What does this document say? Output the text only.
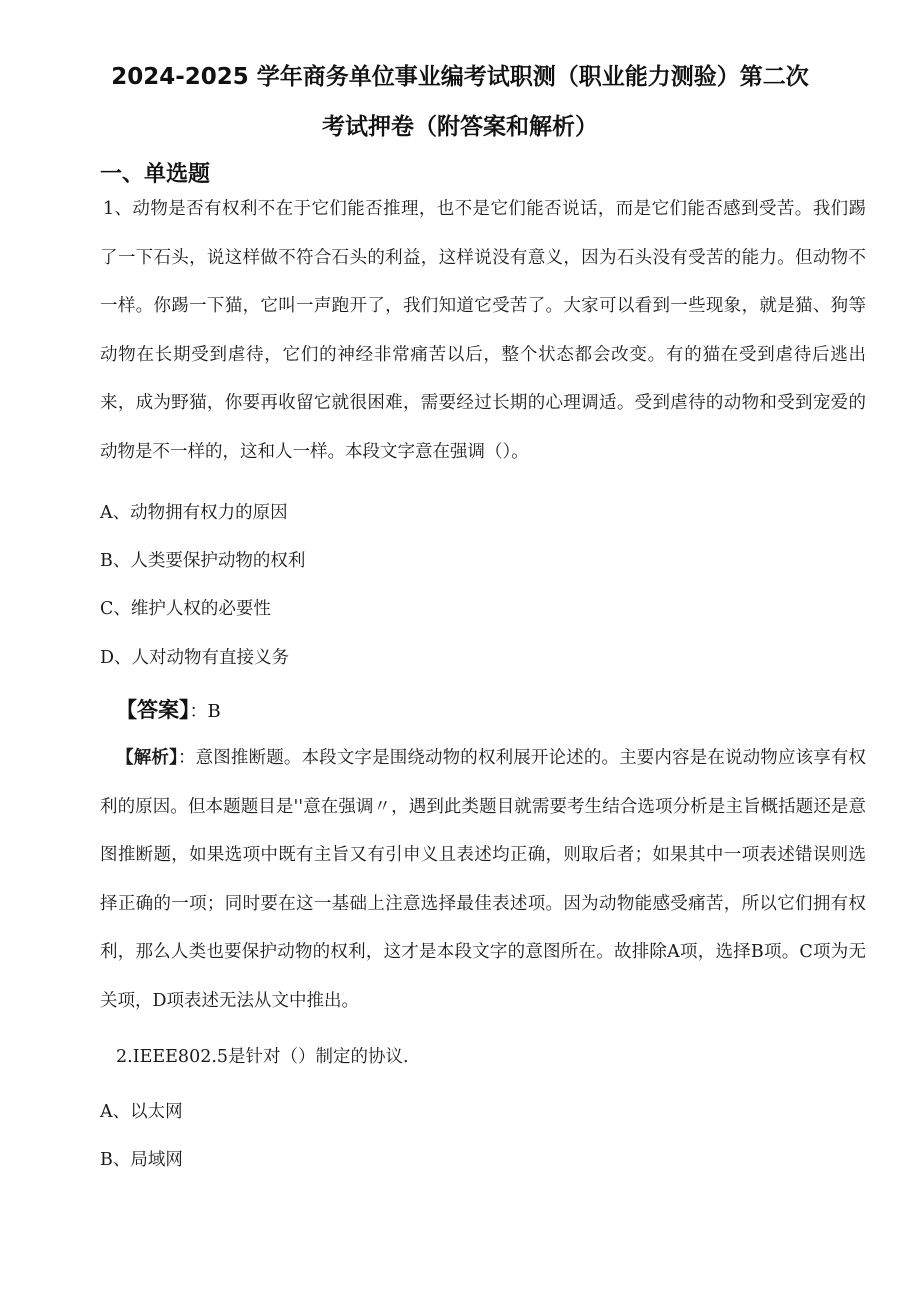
2024-2025 学年商务单位事业编考试职测（职业能力测验）第二次
考试押卷（附答案和解析）
一、单选题
1、动物是否有权利不在于它们能否推理，也不是它们能否说话，而是它们能否感到受苦。我们踢了一下石头，说这样做不符合石头的利益，这样说没有意义，因为石头没有受苦的能力。但动物不一样。你踢一下猫，它叫一声跑开了，我们知道它受苦了。大家可以看到一些现象，就是猫、狗等动物在长期受到虐待，它们的神经非常痛苦以后，整个状态都会改变。有的猫在受到虐待后逃出来，成为野猫，你要再收留它就很困难，需要经过长期的心理调适。受到虐待的动物和受到宠爱的动物是不一样的，这和人一样。本段文字意在强调（）。
A、动物拥有权力的原因
B、人类要保护动物的权利
C、维护人权的必要性
D、人对动物有直接义务
【答案】：B
【解析】：意图推断题。本段文字是围绕动物的权利展开论述的。主要内容是在说动物应该享有权利的原因。但本题题目是''意在强调〃，遇到此类题目就需要考生结合选项分析是主旨概括题还是意图推断题，如果选项中既有主旨又有引申义且表述均正确，则取后者；如果其中一项表述错误则选择正确的一项；同时要在这一基础上注意选择最佳表述项。因为动物能感受痛苦，所以它们拥有权利，那么人类也要保护动物的权利，这才是本段文字的意图所在。故排除A项，选择B项。C项为无关项，D项表述无法从文中推出。
2.IEEE802.5是针对（）制定的协议.
A、以太网
B、局域网
